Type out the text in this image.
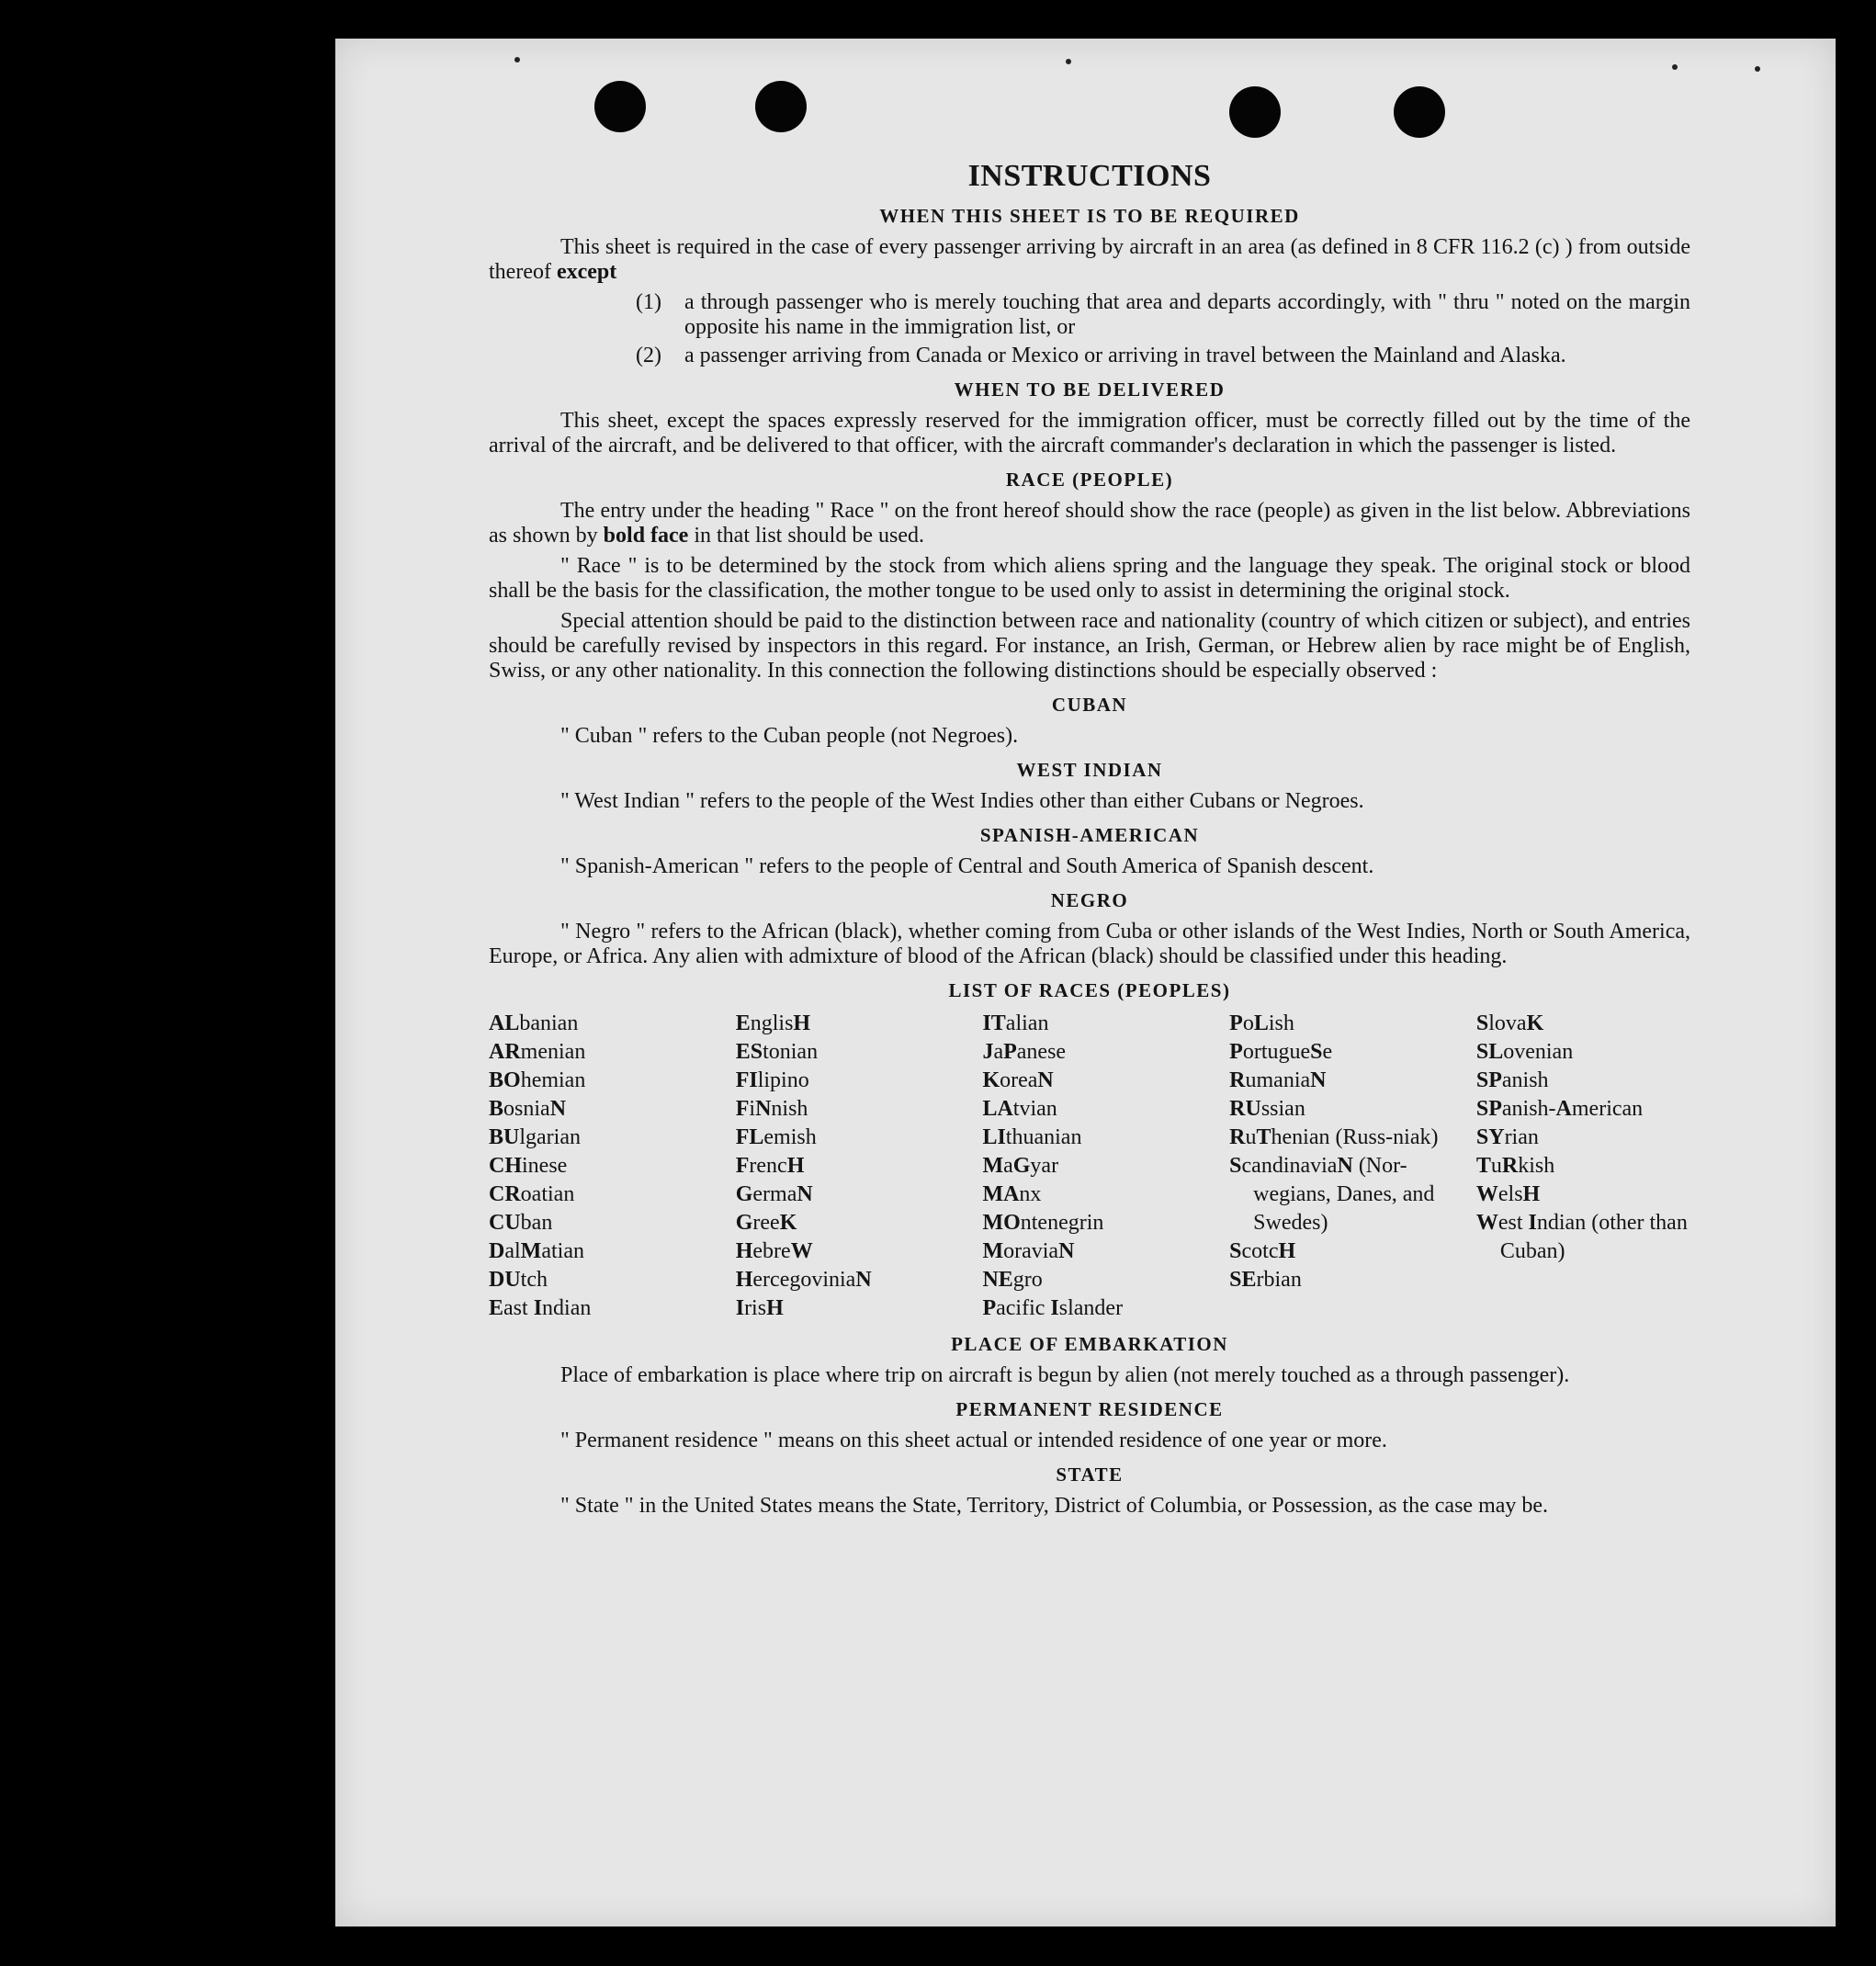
INSTRUCTIONS
WHEN THIS SHEET IS TO BE REQUIRED

This sheet is required in the case of every passenger arriving by aircraft in an area (as defined in 8 CFR 116.2 (c) ) from outside thereof except

(1) a through passenger who is merely touching that area and departs accordingly, with " thru " noted on the margin opposite his name in the immigration list, or
(2) a passenger arriving from Canada or Mexico or arriving in travel between the Mainland and Alaska.
WHEN TO BE DELIVERED

This sheet, except the spaces expressly reserved for the immigration officer, must be correctly filled out by the time of the arrival of the aircraft, and be delivered to that officer, with the aircraft commander's declaration in which the passenger is listed.

RACE (PEOPLE)

The entry under the heading " Race " on the front hereof should show the race (people) as given in the list below. Abbreviations as shown by bold face in that list should be used.

" Race " is to be determined by the stock from which aliens spring and the language they speak. The original stock or blood shall be the basis for the classification, the mother tongue to be used only to assist in determining the original stock.

Special attention should be paid to the distinction between race and nationality (country of which citizen or subject), and entries should be carefully revised by inspectors in this regard. For instance, an Irish, German, or Hebrew alien by race might be of English, Swiss, or any other nationality. In this connection the following distinctions should be especially observed :

CUBAN

" Cuban " refers to the Cuban people (not Negroes).

WEST INDIAN

" West Indian " refers to the people of the West Indies other than either Cubans or Negroes.

SPANISH-AMERICAN

" Spanish-American " refers to the people of Central and South America of Spanish descent.

NEGRO

" Negro " refers to the African (black), whether coming from Cuba or other islands of the West Indies, North or South America, Europe, or Africa. Any alien with admixture of blood of the African (black) should be classified under this heading.

LIST OF RACES (PEOPLES)
ALbanian
ARmenian
BOhemian
BosniaN
BUlgarian
CHinese
CRoatian
CUban
DalMatian
DUtch
East Indian
EnglisH
EStonian
FIlipino
FiNnish
FLemish
FrencH
GermaN
GreeK
HebreW
HercegoviniaN
IrisH
ITalian
JaPanese
KoreaN
LAtvian
LIthuanian
MaGyar
MAnx
MOntenegrin
MoraviaN
NEgro
Pacific Islander
PoLish
PortugueSe
RumaniaN
RUssian
RuThenian (Russ-niak)
ScandinaviaN (Nor-wegians, Danes, and Swedes)
ScotcH
SErbian
SlovaK
SLovenian
SPanish
SPanish-American
SYrian
TuRkish
WelsH
West Indian (other than Cuban)
PLACE OF EMBARKATION

Place of embarkation is place where trip on aircraft is begun by alien (not merely touched as a through passenger).

PERMANENT RESIDENCE

" Permanent residence " means on this sheet actual or intended residence of one year or more.

STATE

" State " in the United States means the State, Territory, District of Columbia, or Possession, as the case may be.
